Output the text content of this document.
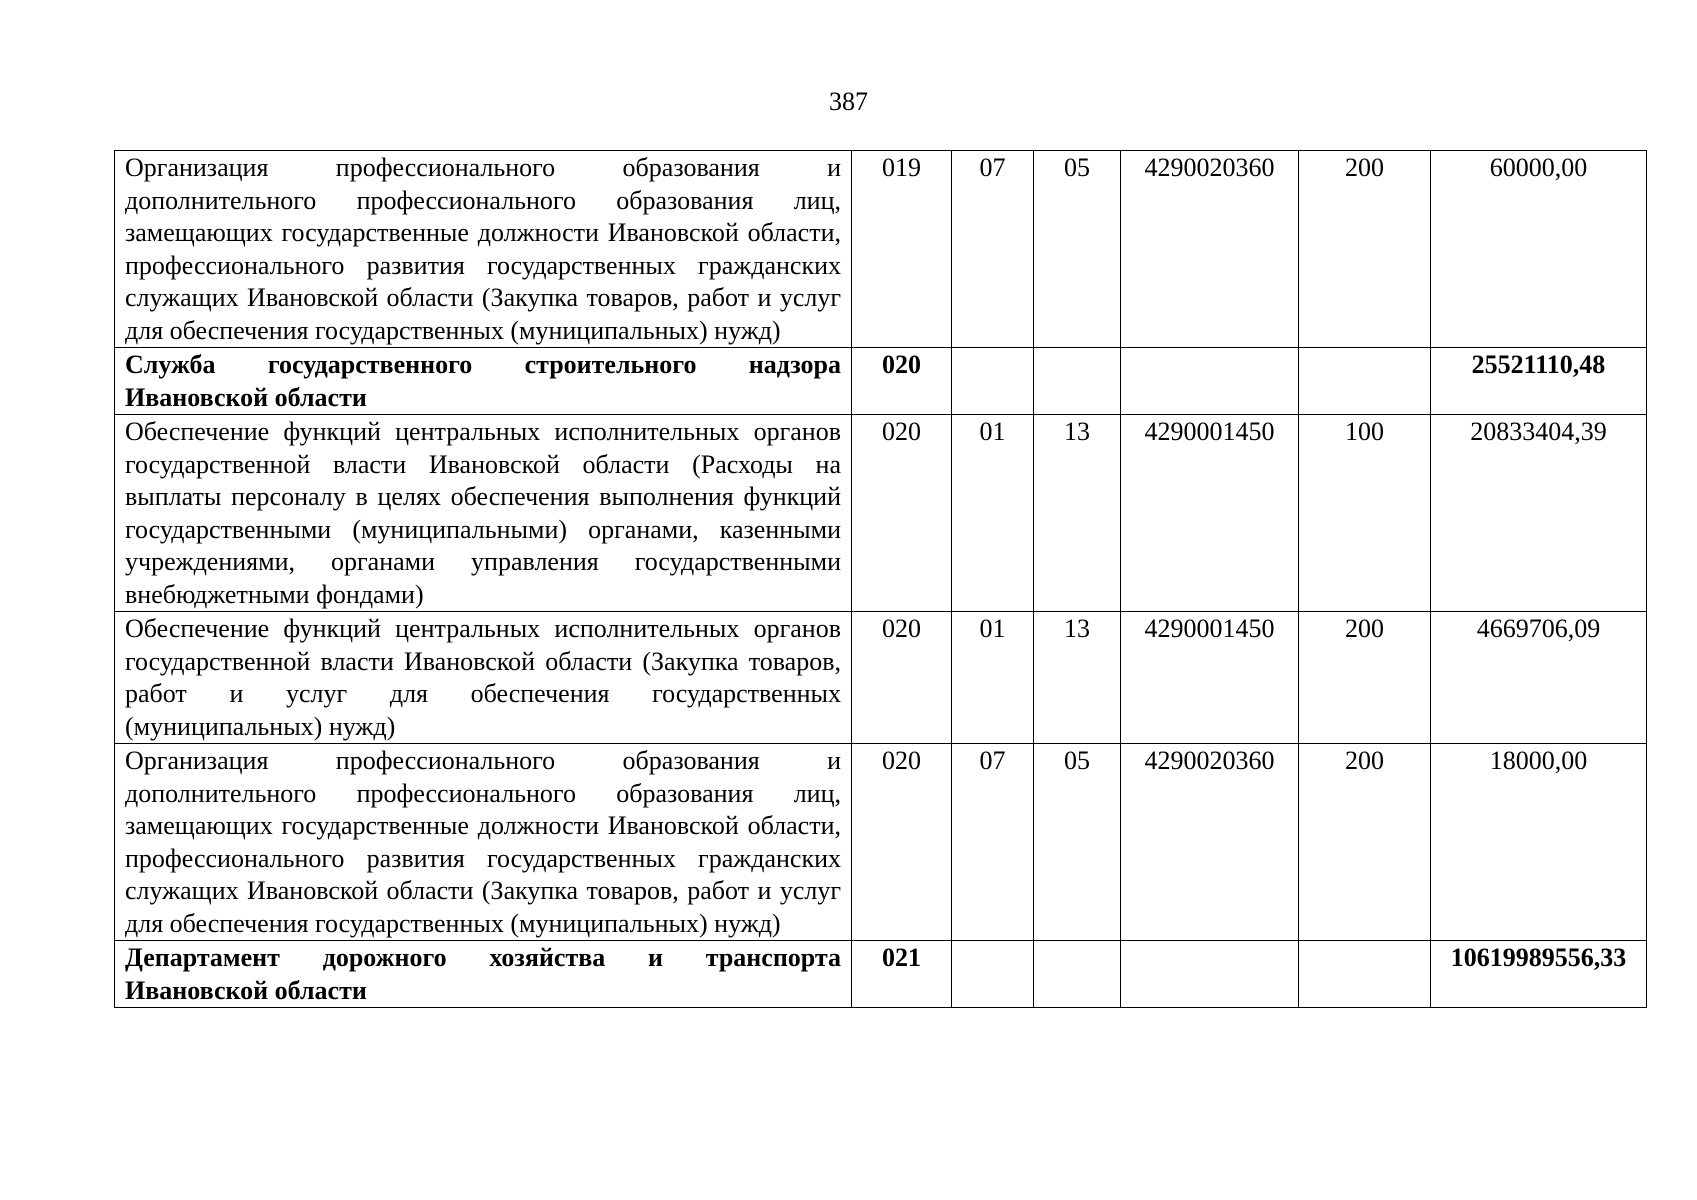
387
Организация профессионального образования и дополнительного профессионального образования лиц, замещающих государственные должности Ивановской области, профессионального развития государственных гражданских служащих Ивановской области (Закупка товаров, работ и услуг для обеспечения государственных (муниципальных) нужд)	019	07	05	4290020360	200	60000,00
Служба государственного строительного надзора Ивановской области	020					25521110,48
Обеспечение функций центральных исполнительных органов государственной власти Ивановской области (Расходы на выплаты персоналу в целях обеспечения выполнения функций государственными (муниципальными) органами, казенными учреждениями, органами управления государственными внебюджетными фондами)	020	01	13	4290001450	100	20833404,39
Обеспечение функций центральных исполнительных органов государственной власти Ивановской области (Закупка товаров, работ и услуг для обеспечения государственных (муниципальных) нужд)	020	01	13	4290001450	200	4669706,09
Организация профессионального образования и дополнительного профессионального образования лиц, замещающих государственные должности Ивановской области, профессионального развития государственных гражданских служащих Ивановской области (Закупка товаров, работ и услуг для обеспечения государственных (муниципальных) нужд)	020	07	05	4290020360	200	18000,00
Департамент дорожного хозяйства и транспорта Ивановской области	021					10619989556,33
